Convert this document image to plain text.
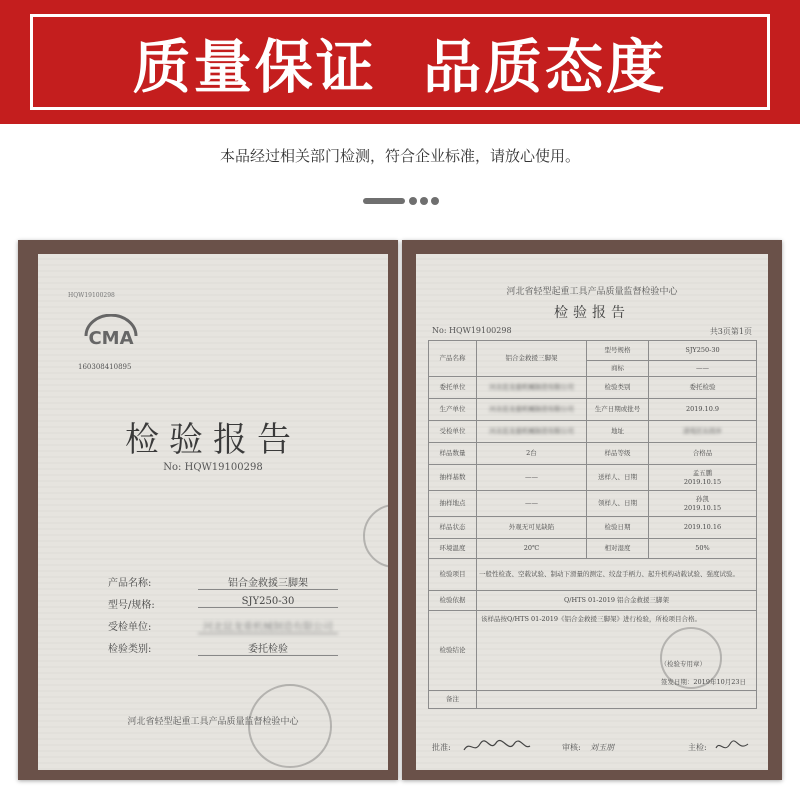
质量保证  品质态度
本品经过相关部门检测，符合企业标准，请放心使用。
HQW19100298
CMA
160308410895
检验报告
No: HQW19100298
产品名称:	铝合金救援三脚架
型号/规格:	SJY250-30
受检单位:	河北昆龙重机械制造有限公司
检验类别:	委托检验
河北省轻型起重工具产品质量监督检验中心
河北省轻型起重工具产品质量监督检验中心
检验报告
No: HQW19100298	共3页第1页
产品名称	铝合金救援三脚架	型号规格	SJY250-30
		商标	——
委托单位	河北昆龙重机械制造有限公司	检验类别	委托检验
生产单位	河北昆龙重机械制造有限公司	生产日期或批号	2019.10.9
受检单位	河北昆龙重机械制造有限公司	地址	清苑区东闾乡
样品数量	2台	样品等级	合格品
抽样基数	——	送样人、日期	孟五鹏
2019.10.15

抽样地点	——	领样人、日期	孙凯
2019.10.15

样品状态	外观无可见缺陷	检验日期	2019.10.16
环境温度	20℃	相对湿度	50%
检验项目	一般性检查、空载试验、制动下滑量的测定、绞盘手柄力、起升机构动载试验、强度试验。		
检验依据	Q/HTS 01-2019 铝合金救援三脚架		
检验结论	该样品按Q/HTS 01-2019《铝合金救援三脚架》进行检验，所检项目合格。
（检验专用章）
签发日期：2019年10月23日		

备注			
批准:	审核: 刘玉朋	主检:
